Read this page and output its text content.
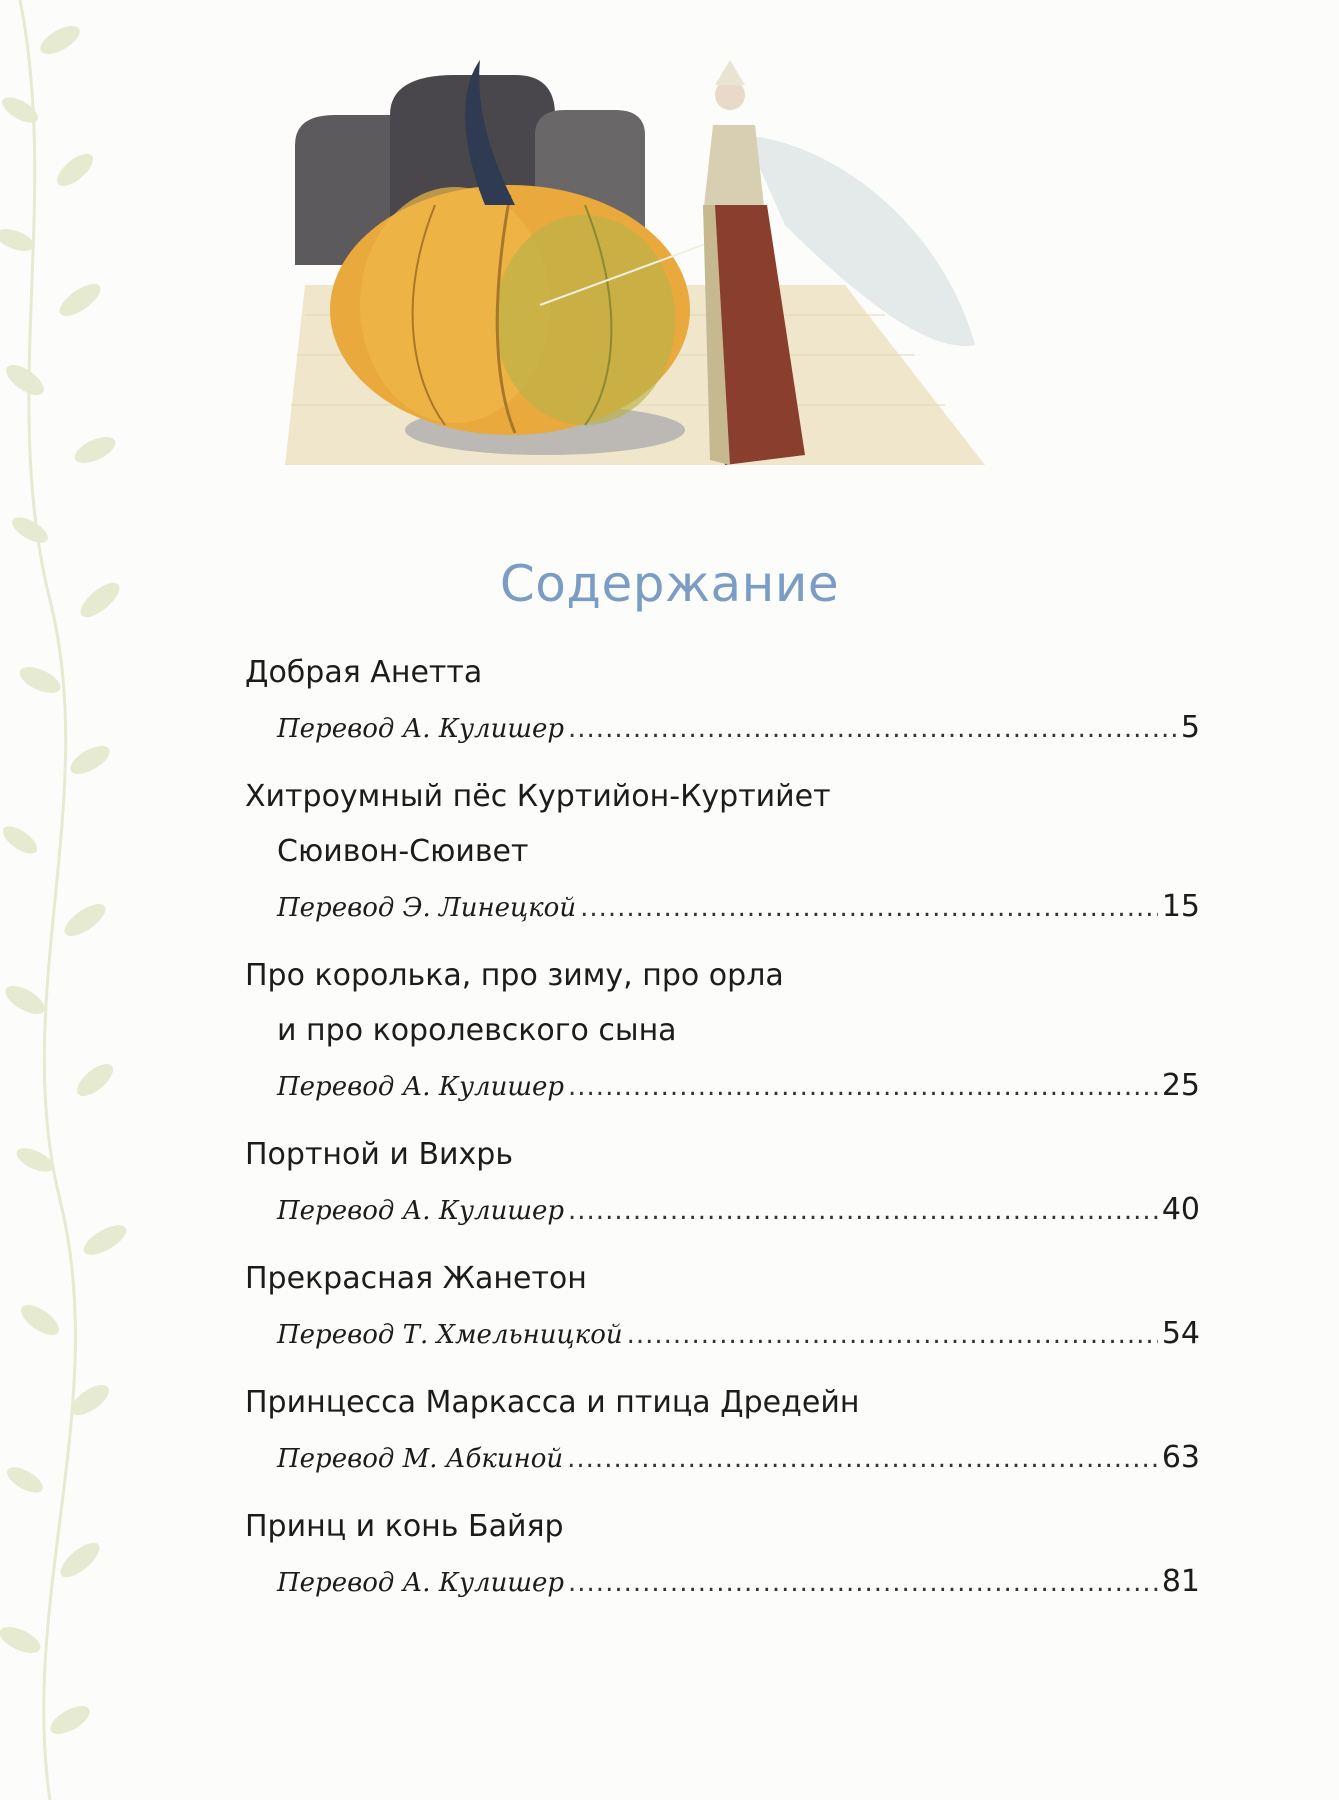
Содержание
Добрая Анетта
Перевод А. Кулишер .....	5
Хитроумный пёс Куртийон-Куртийет
Сюивон-Сюивет
Перевод Э. Линецкой .....	15
Про королька, про зиму, про орла
и про королевского сына
Перевод А. Кулишер .....	25
Портной и Вихрь
Перевод А. Кулишер .....	40
Прекрасная Жанетон
Перевод Т. Хмельницкой .....	54
Принцесса Маркасса и птица Дредейн
Перевод М. Абкиной .....	63
Принц и конь Байяр
Перевод А. Кулишер .....	81
